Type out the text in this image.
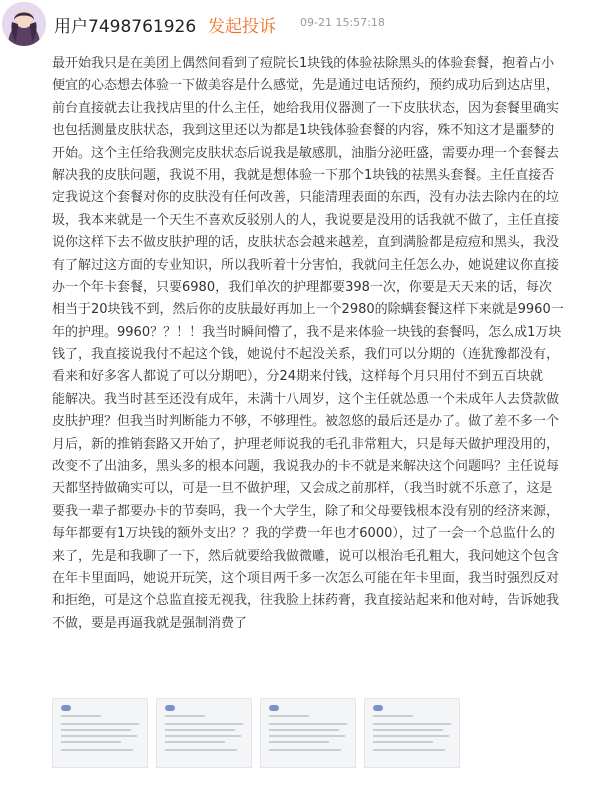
用户7498761926 发起投诉 09-21 15:57:18
最开始我只是在美团上偶然间看到了痘院长1块钱的体验祛除黑头的体验套餐，抱着占小
便宜的心态想去体验一下做美容是什么感觉，先是通过电话预约，预约成功后到达店里，
前台直接就去让我找店里的什么主任，她给我用仪器测了一下皮肤状态，因为套餐里确实
也包括测量皮肤状态，我到这里还以为都是1块钱体验套餐的内容，殊不知这才是噩梦的
开始。这个主任给我测完皮肤状态后说我是敏感肌，油脂分泌旺盛，需要办理一个套餐去
解决我的皮肤问题，我说不用，我就是想体验一下那个1块钱的祛黑头套餐。主任直接否
定我说这个套餐对你的皮肤没有任何改善，只能清理表面的东西，没有办法去除内在的垃
圾，我本来就是一个天生不喜欢反驳别人的人，我说要是没用的话我就不做了，主任直接
说你这样下去不做皮肤护理的话，皮肤状态会越来越差，直到满脸都是痘痘和黑头，我没
有了解过这方面的专业知识，所以我听着十分害怕，我就问主任怎么办，她说建议你直接
办一个年卡套餐，只要6980，我们单次的护理都要398一次，你要是天天来的话，每次
相当于20块钱不到，然后你的皮肤最好再加上一个2980的除螨套餐这样下来就是9960一
年的护理。9960？？！！我当时瞬间懵了，我不是来体验一块钱的套餐吗，怎么成1万块
钱了，我直接说我付不起这个钱，她说付不起没关系，我们可以分期的（连犹豫都没有，
看来和好多客人都说了可以分期吧），分24期来付钱，这样每个月只用付不到五百块就
能解决。我当时甚至还没有成年，未满十八周岁，这个主任就怂恿一个未成年人去贷款做
皮肤护理？但我当时判断能力不够，不够理性。被忽悠的最后还是办了。做了差不多一个
月后，新的推销套路又开始了，护理老师说我的毛孔非常粗大，只是每天做护理没用的，
改变不了出油多，黑头多的根本问题，我说我办的卡不就是来解决这个问题吗？主任说每
天都坚持做确实可以，可是一旦不做护理，又会成之前那样，（我当时就不乐意了，这是
要我一辈子都要办卡的节奏吗，我一个大学生，除了和父母要钱根本没有别的经济来源，
每年都要有1万块钱的额外支出？？我的学费一年也才6000），过了一会一个总监什么的
来了，先是和我聊了一下，然后就要给我做微雕，说可以根治毛孔粗大，我问她这个包含
在年卡里面吗，她说开玩笑，这个项目两千多一次怎么可能在年卡里面，我当时强烈反对
和拒绝，可是这个总监直接无视我，往我脸上抹药膏，我直接站起来和他对峙，告诉她我
不做，要是再逼我就是强制消费了
